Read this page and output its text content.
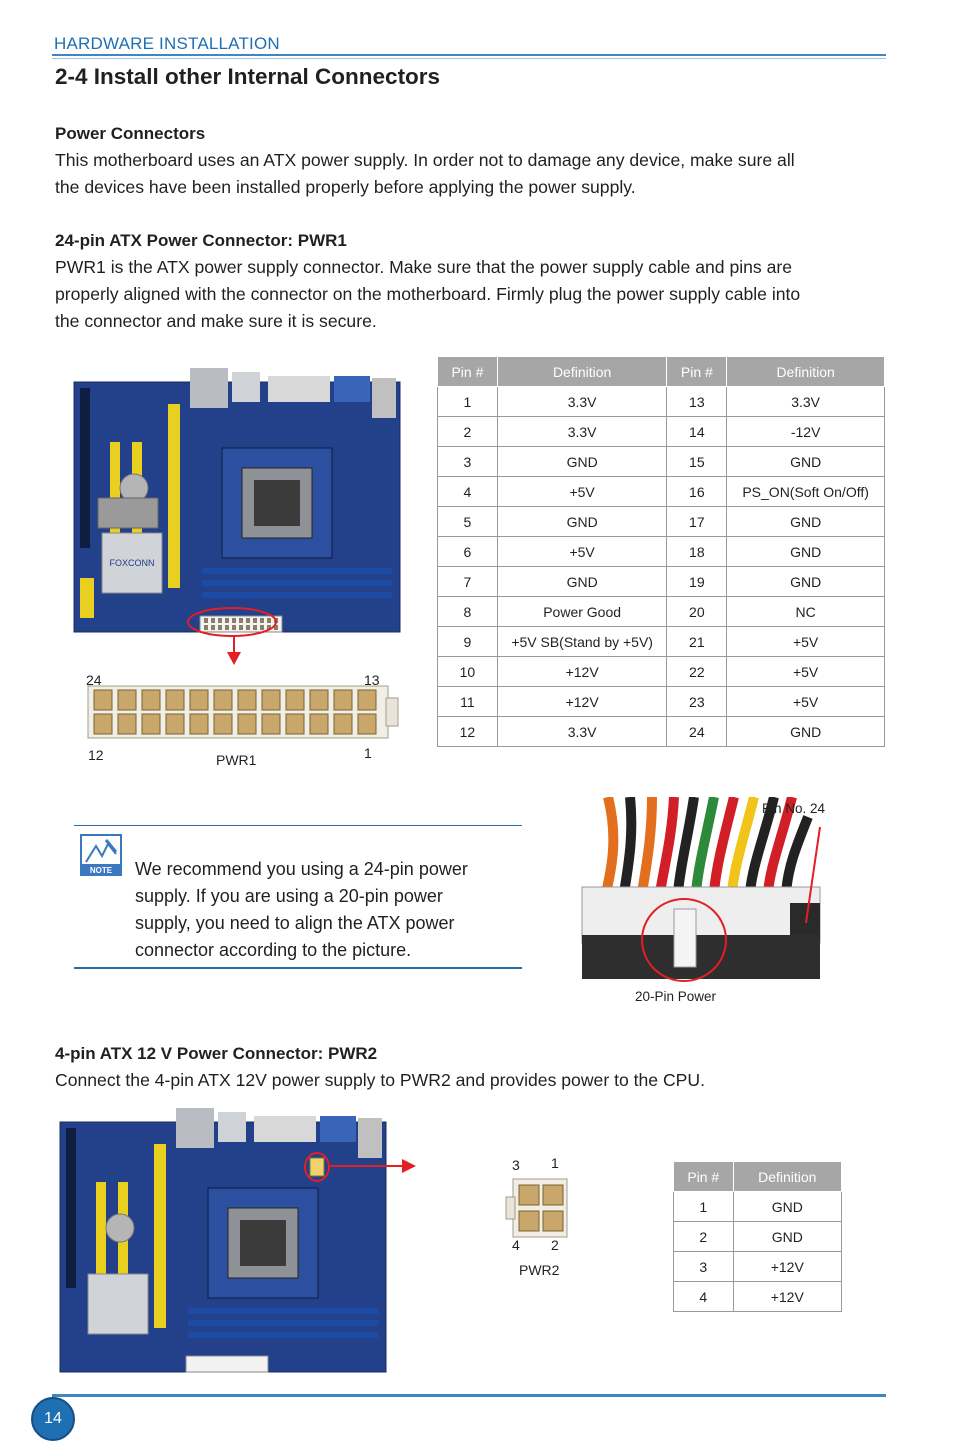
HARDWARE INSTALLATION
2-4 Install other Internal Connectors
Power Connectors
This motherboard uses an ATX power supply. In order not to damage any device, make sure all
the devices have been installed properly before applying the power supply.
24-pin ATX Power Connector: PWR1
PWR1 is the ATX power supply connector. Make sure that the power supply cable and pins are
properly aligned with the connector on the motherboard. Firmly plug the power supply cable into
the connector and make sure it is secure.
FOXCONN
24	13
12	1
PWR1
Pin #	Definition	Pin #	Definition
1	3.3V	13	3.3V
2	3.3V	14	-12V
3	GND	15	GND
4	+5V	16	PS_ON(Soft On/Off)
5	GND	17	GND
6	+5V	18	GND
7	GND	19	GND
8	Power Good	20	NC
9	+5V SB(Stand by +5V)	21	+5V
10	+12V	22	+5V
11	+12V	23	+5V
12	3.3V	24	GND
NOTE We recommend you using a 24-pin power
supply. If you are using a 20-pin power
supply, you need to align the ATX power
connector according to the picture.
Pin No. 24
20-Pin Power
4-pin ATX 12 V Power Connector: PWR2
Connect the 4-pin ATX 12V power supply to PWR2 and provides power to the CPU.
3 1
4 2
PWR2
Pin #	Definition
1	GND
2	GND
3	+12V
4	+12V
14
